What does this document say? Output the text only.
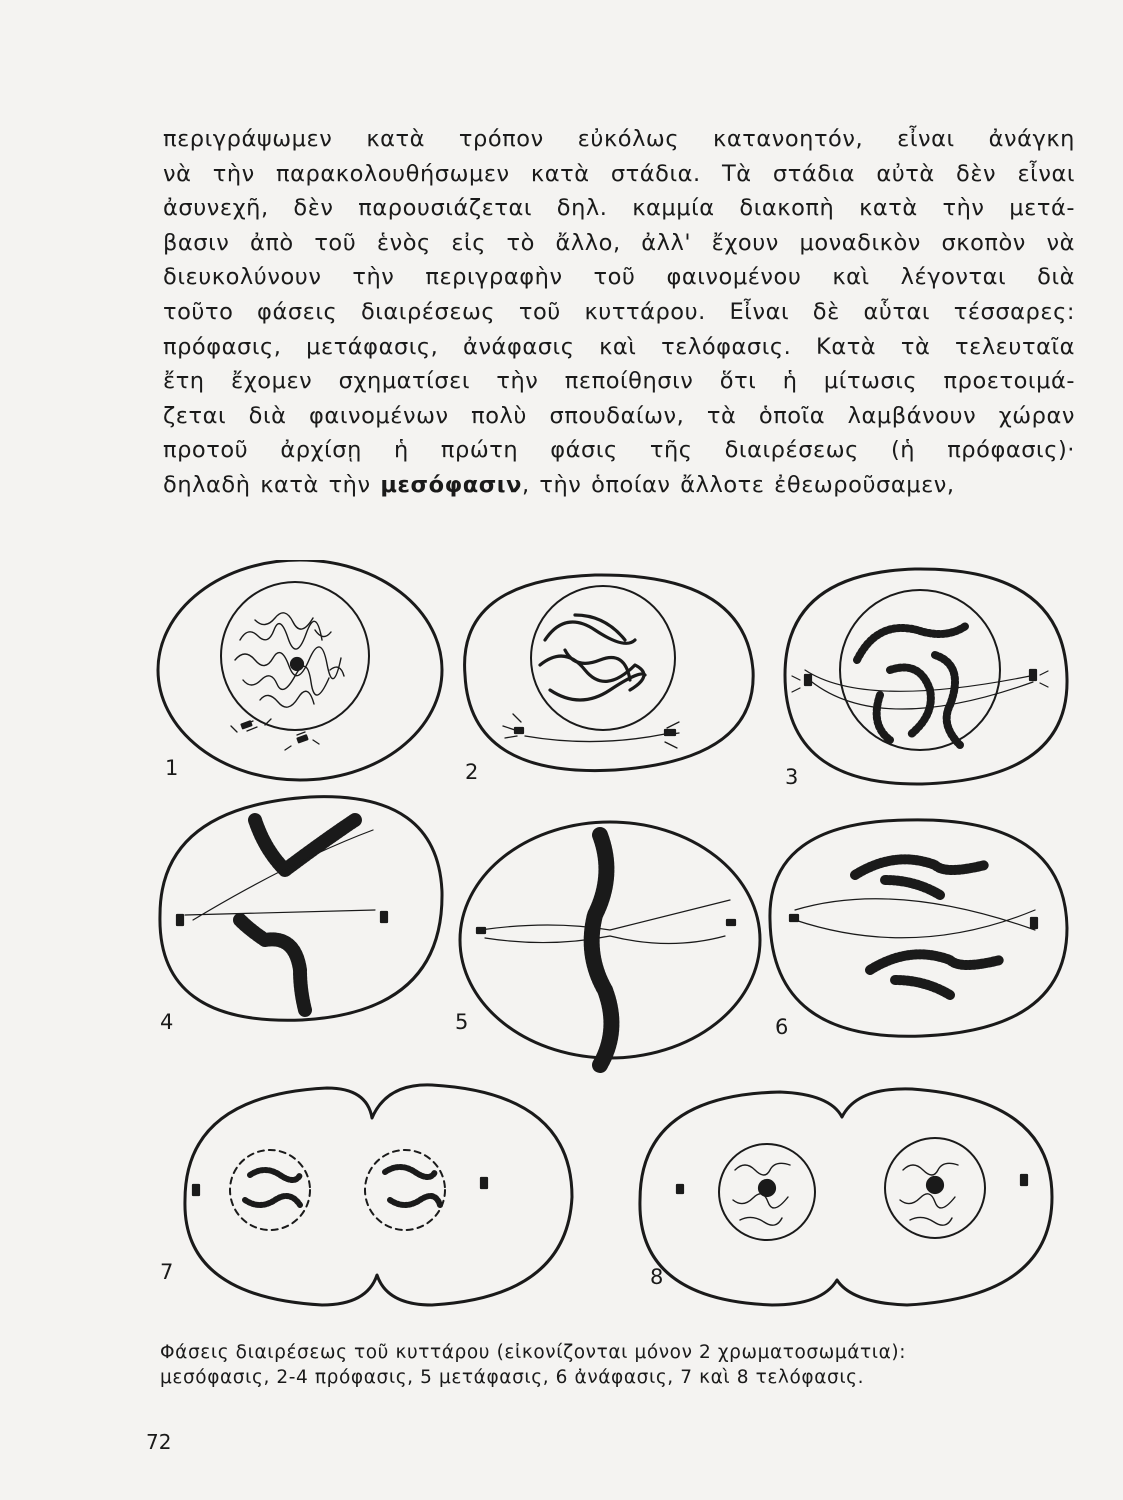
περιγράψωμεν κατὰ τρόπον εὐκόλως κατανοητόν, εἶναι ἀνάγκη
νὰ τὴν παρακολουθήσωμεν κατὰ στάδια. Τὰ στάδια αὐτὰ δὲν εἶναι
ἀσυνεχῆ, δὲν παρουσιάζεται δηλ. καμμία διακοπὴ κατὰ τὴν μετά-
βασιν ἀπὸ τοῦ ἑνὸς εἰς τὸ ἄλλο, ἀλλ' ἔχουν μοναδικὸν σκοπὸν νὰ
διευκολύνουν τὴν περιγραφὴν τοῦ φαινομένου καὶ λέγονται διὰ
τοῦτο φάσεις διαιρέσεως τοῦ κυττάρου. Εἶναι δὲ αὗται τέσσαρες:
πρόφασις, μετάφασις, ἀνάφασις καὶ τελόφασις. Κατὰ τὰ τελευταῖα
ἔτη ἔχομεν σχηματίσει τὴν πεποίθησιν ὅτι ἡ μίτωσις προετοιμά-
ζεται διὰ φαινομένων πολὺ σπουδαίων, τὰ ὁποῖα λαμβάνουν χώραν
προτοῦ ἀρχίσῃ ἡ πρώτη φάσις τῆς διαιρέσεως (ἡ πρόφασις)·
δηλαδὴ κατὰ τὴν μεσόφασιν, τὴν ὁποίαν ἄλλοτε ἐθεωροῦσαμεν,
1	2	3
4	5	6
7	8
Φάσεις διαιρέσεως τοῦ κυττάρου (εἰκονίζονται μόνον 2 χρωματοσωμάτια):
μεσόφασις, 2-4 πρόφασις, 5 μετάφασις, 6 ἀνάφασις, 7 καὶ 8 τελόφασις.
72
